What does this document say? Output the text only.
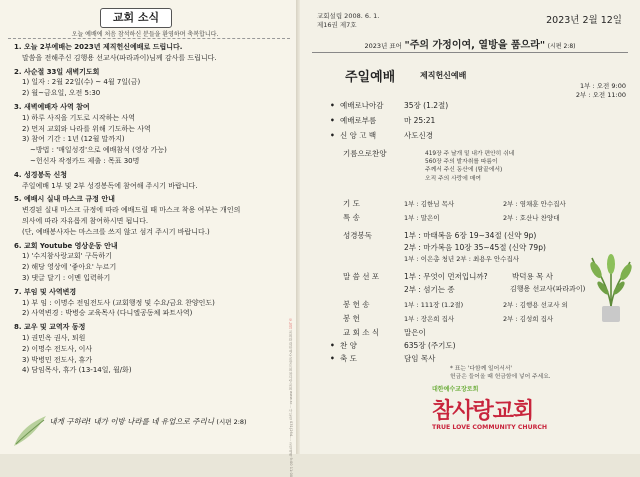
교회 소식
오늘 예배에 처음 참석하신 분들을 환영하며 축복합니다.
1. 오늘 2부예배는 2023년 제직헌신예배로 드립니다.
말씀을 전해주신 김행용 선교사(파라과이)님께 감사를 드립니다.
2. 사순절 33일 새벽기도회
1) 일자 : 2월 22일(수) ~ 4월 7일(금)
2) 월~금요일, 오전 5:30
3. 새벽예배자 사역 참여
1) 하루 사직을 기도로 시작하는 사역
2) 먼저 교회와 나라를 위해 기도하는 사역
3) 참여 기간 : 1년 (12월 말까지)
~방법 : '매일성경'으로 예배참석 (영상 가능)
~헌신자 작정카드 제출 : 목표 30명
4. 성경봉독 신청
주일예배 1부 및 2부 성경봉독에 참여해 주시기 바랍니다.
5. 예배시 실내 마스크 규정 안내
변경된 실내 마스크 규정에 따라 예배드릴 때 마스크 착용 여부는 개인의
의사에 따라 자유롭게 참여하시면 됩니다.
(단, 예배봉사자는 마스크를 쓰지 않고 섬겨 주시기 바랍니다.)
6. 교회 Youtube 영상운동 안내
1) '수지참사랑교회' 구독하기
2) 해당 영상에 '좋아요' 누르기
3) 댓글 달기 : 이멘 입력하기
7. 부임 및 사역변경
1) 부 임 : 이명수 전임전도사 (교회행정 및 수요/금요 찬양인도)
2) 사역변경 : 박병승 교육목사 (다니엘공동체 파트사역)
8. 교우 및 교역자 동정
1) 권민옥 권사, 퇴원
2) 이명수 전도사, 이사
3) 박병민 전도사, 휴가
4) 담임목사, 휴가 (13-14일, 월/화)
내게 구하라! 내가 이방 나라를 네 유업으로 주리니 (시편 2:8)
오늘의 교회와 대한예수교장로회 참사랑교회 www.sc... 사무실 031)264-... 주일예배 9:00 11:00
교회설립 2008. 6. 1.
제16권 제7호	2023년 2월 12일
2023년 표어 "주의 가정이여, 열방을 품으라" (시편 2:8)
주일예배	제직헌신예배
1부 : 오전 9:00
2부 : 오전 11:00
• 예배로나아감	35장 (1.2절)
• 예배로부름	마 25:21
• 신 앙 고 백	사도신경
기름으로찬양	419장 주 날개 밑 내가 편안히 쉬네
560장 주의 발자취를 따름이
주께서 주신 동산에 (탐끝에서)
오직 주의 사랑에 매여
기 도	1부 : 김한님 목사	2부 : 염채훈 안수집사
특 송	1부 : 말은이	2부 : 호산나 찬양대
성경봉독	1부 : 마태복음 6장 19~34절 (신약 9p)
2부 : 마가복음 10장 35~45절 (신약 79p)
1부 : 이은총 청년 2부 : 최용우 안수집사
말 씀 선 포	1부 : 무엇이 먼저입니까?	박덕용 목 사
2부 : 섬기는 종	김행용 선교사(파라과이)
봉 헌 송	1부 : 111장 (1.2절)	2부 : 김행용 선교사 외
봉 헌	1부 : 장은희 집사	2부 : 김성희 집사
교 회 소 식	말은이
• 찬 양	635장 (주기도)
• 축 도	담임 목사
* 표는 '다함께 일어서서'
헌금은 들어올 때 헌금함에 넣어 주세요.
대한예수교장로회
참사랑교회
TRUE LOVE COMMUNITY CHURCH
